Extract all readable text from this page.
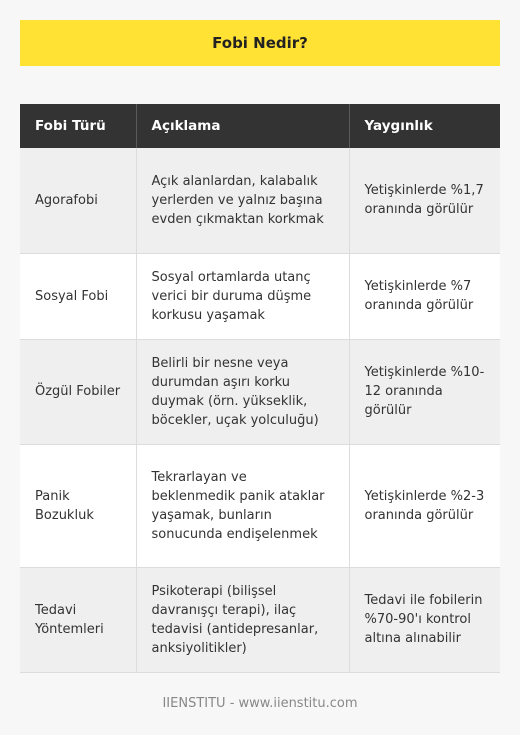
Fobi Nedir?
Fobi Türü	Açıklama	Yaygınlık
Agorafobi	Açık alanlardan, kalabalık yerlerden ve yalnız başına evden çıkmaktan korkmak	Yetişkinlerde %1,7 oranında görülür
Sosyal Fobi	Sosyal ortamlarda utanç verici bir duruma düşme korkusu yaşamak	Yetişkinlerde %7 oranında görülür
Özgül Fobiler	Belirli bir nesne veya durumdan aşırı korku duymak (örn. yükseklik, böcekler, uçak yolculuğu)	Yetişkinlerde %10-12 oranında görülür
Panik Bozukluk	Tekrarlayan ve beklenmedik panik ataklar yaşamak, bunların sonucunda endişelenmek	Yetişkinlerde %2-3 oranında görülür
Tedavi Yöntemleri	Psikoterapi (bilişsel davranışçı terapi), ilaç tedavisi (antidepresanlar, anksiyolitikler)	Tedavi ile fobilerin %70-90'ı kontrol altına alınabilir
IIENSTITU - www.iienstitu.com
